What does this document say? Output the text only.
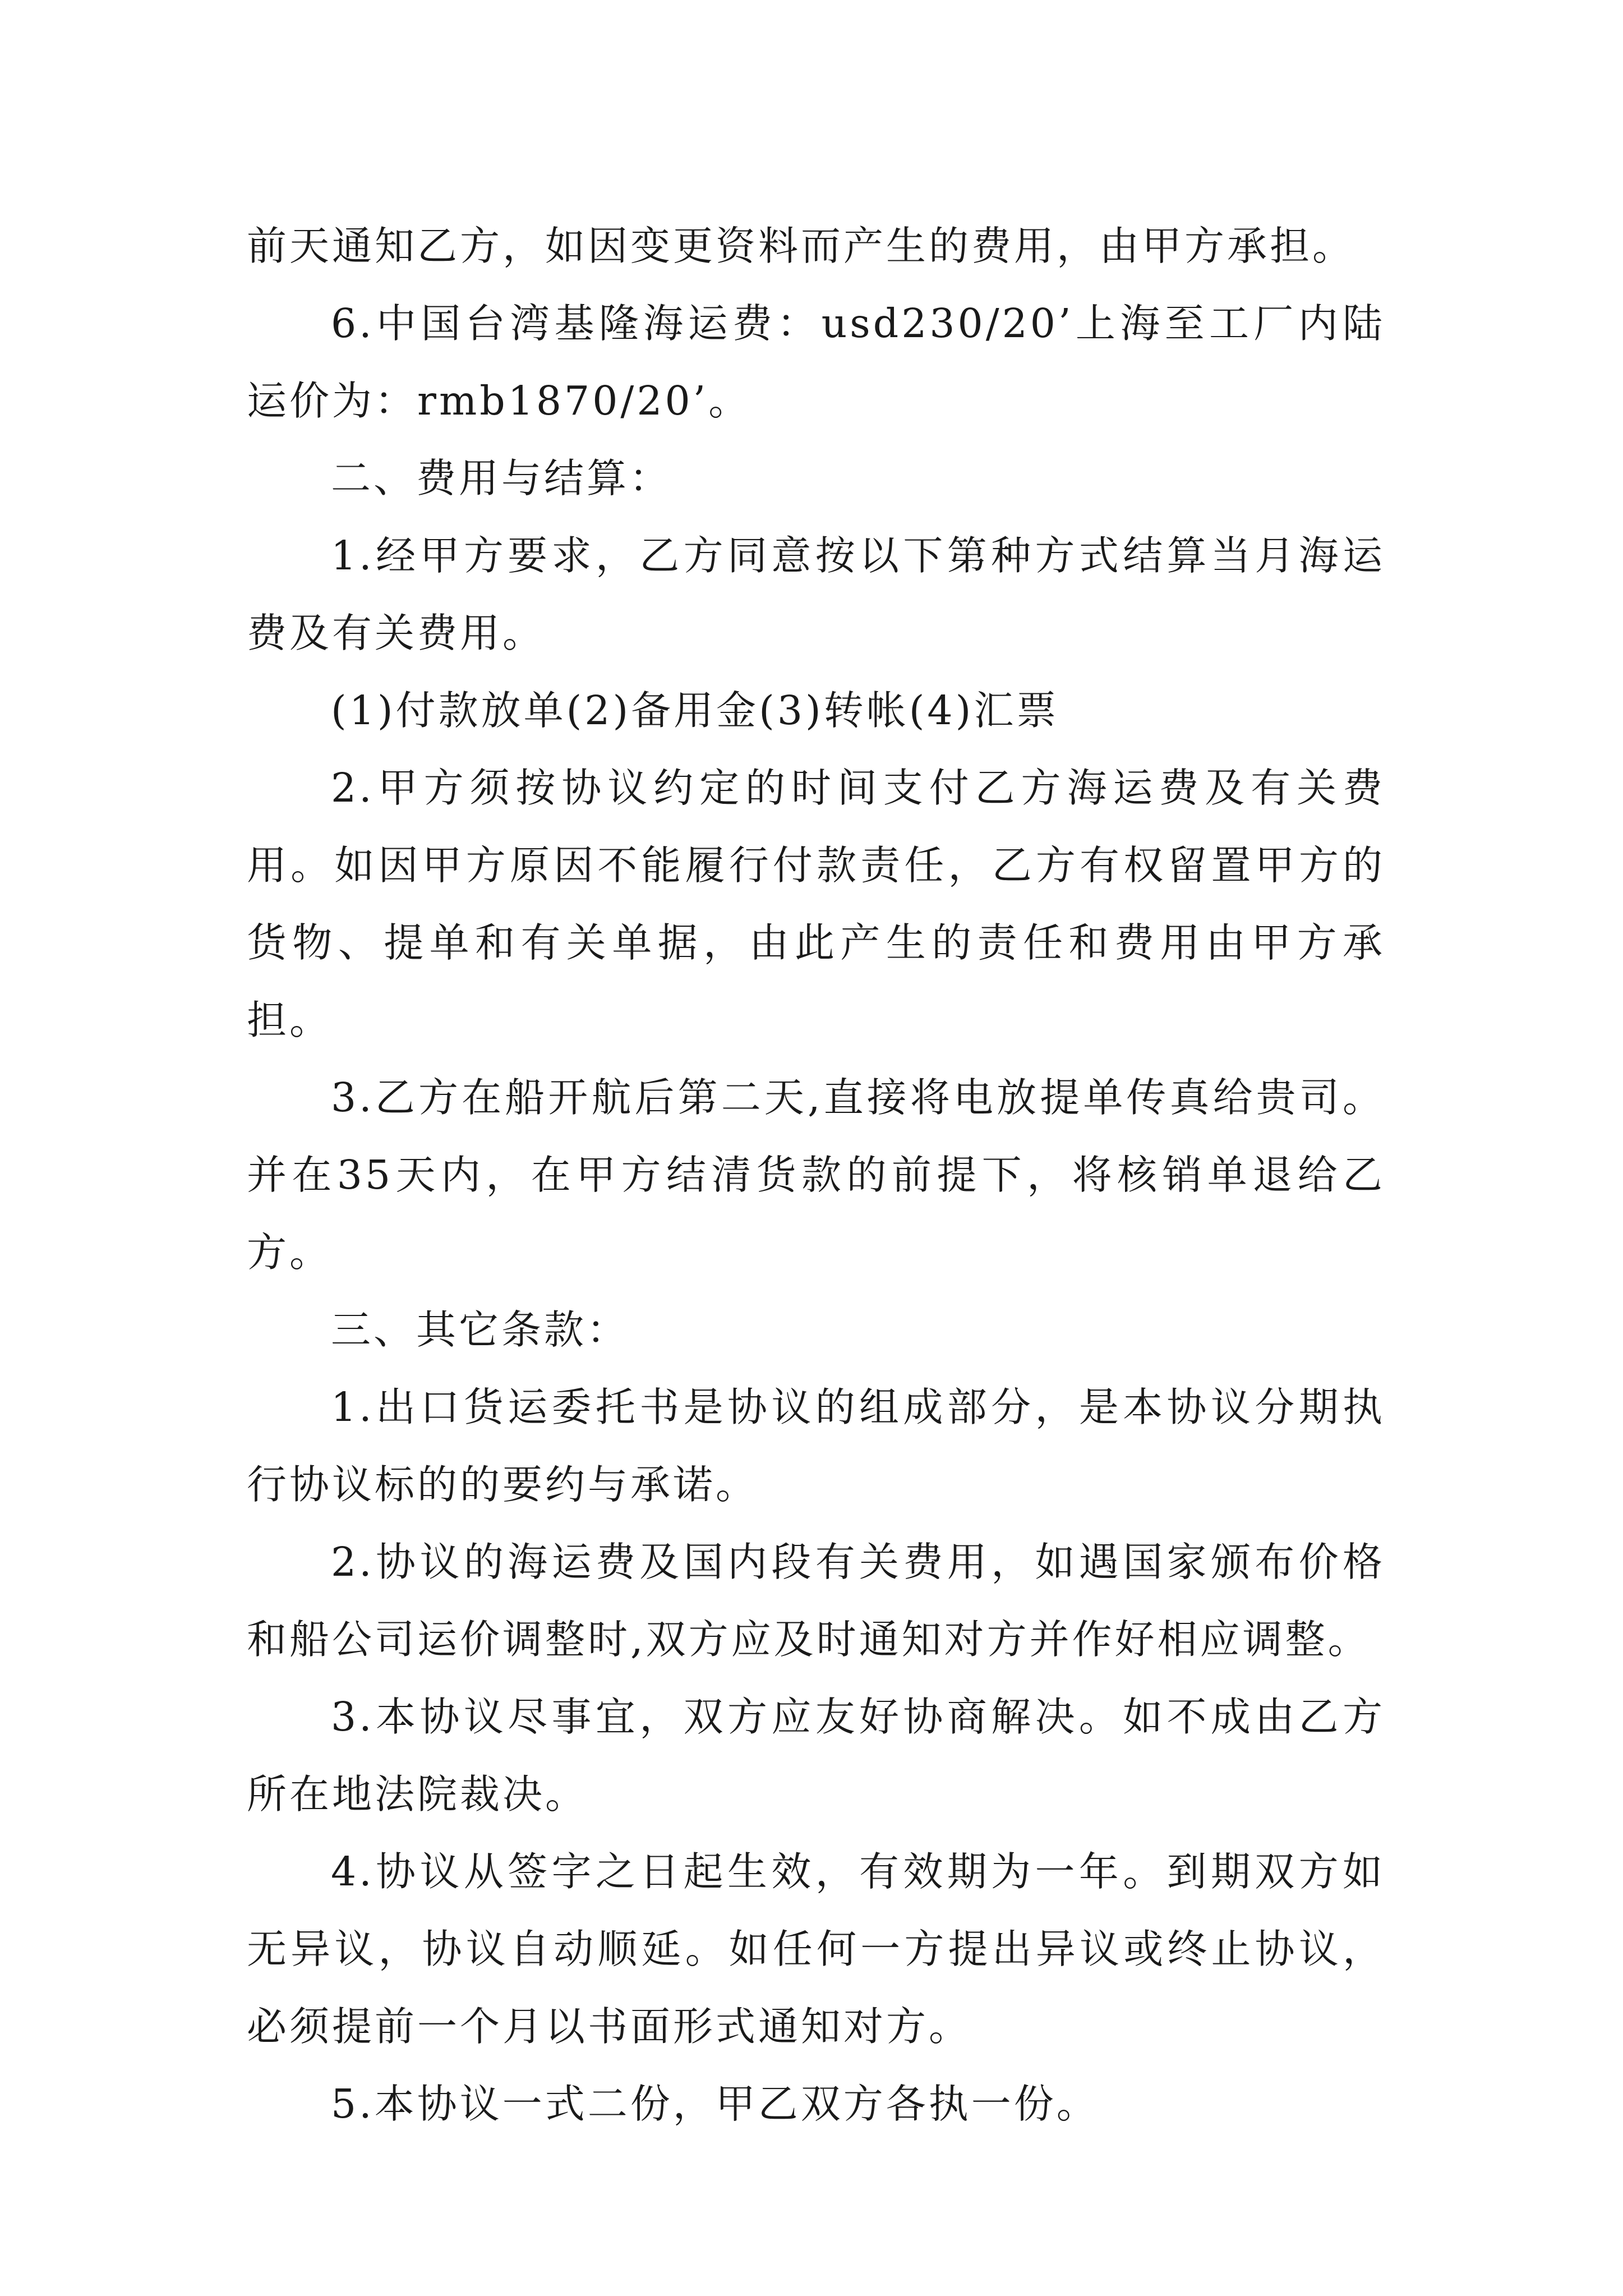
前天通知乙方，如因变更资料而产生的费用，由甲方承担。

6.中国台湾基隆海运费：usd230/20’上海至工厂内陆运价为：rmb1870/20’。

二、费用与结算：

1.经甲方要求，乙方同意按以下第种方式结算当月海运费及有关费用。

(1)付款放单(2)备用金(3)转帐(4)汇票

2.甲方须按协议约定的时间支付乙方海运费及有关费用。如因甲方原因不能履行付款责任，乙方有权留置甲方的货物、提单和有关单据，由此产生的责任和费用由甲方承担。

3.乙方在船开航后第二天,直接将电放提单传真给贵司。并在35天内，在甲方结清货款的前提下，将核销单退给乙方。

三、其它条款：

1.出口货运委托书是协议的组成部分，是本协议分期执行协议标的的要约与承诺。

2.协议的海运费及国内段有关费用，如遇国家颁布价格和船公司运价调整时,双方应及时通知对方并作好相应调整。

3.本协议尽事宜，双方应友好协商解决。如不成由乙方所在地法院裁决。

4.协议从签字之日起生效，有效期为一年。到期双方如无异议，协议自动顺延。如任何一方提出异议或终止协议，必须提前一个月以书面形式通知对方。

5.本协议一式二份，甲乙双方各执一份。
